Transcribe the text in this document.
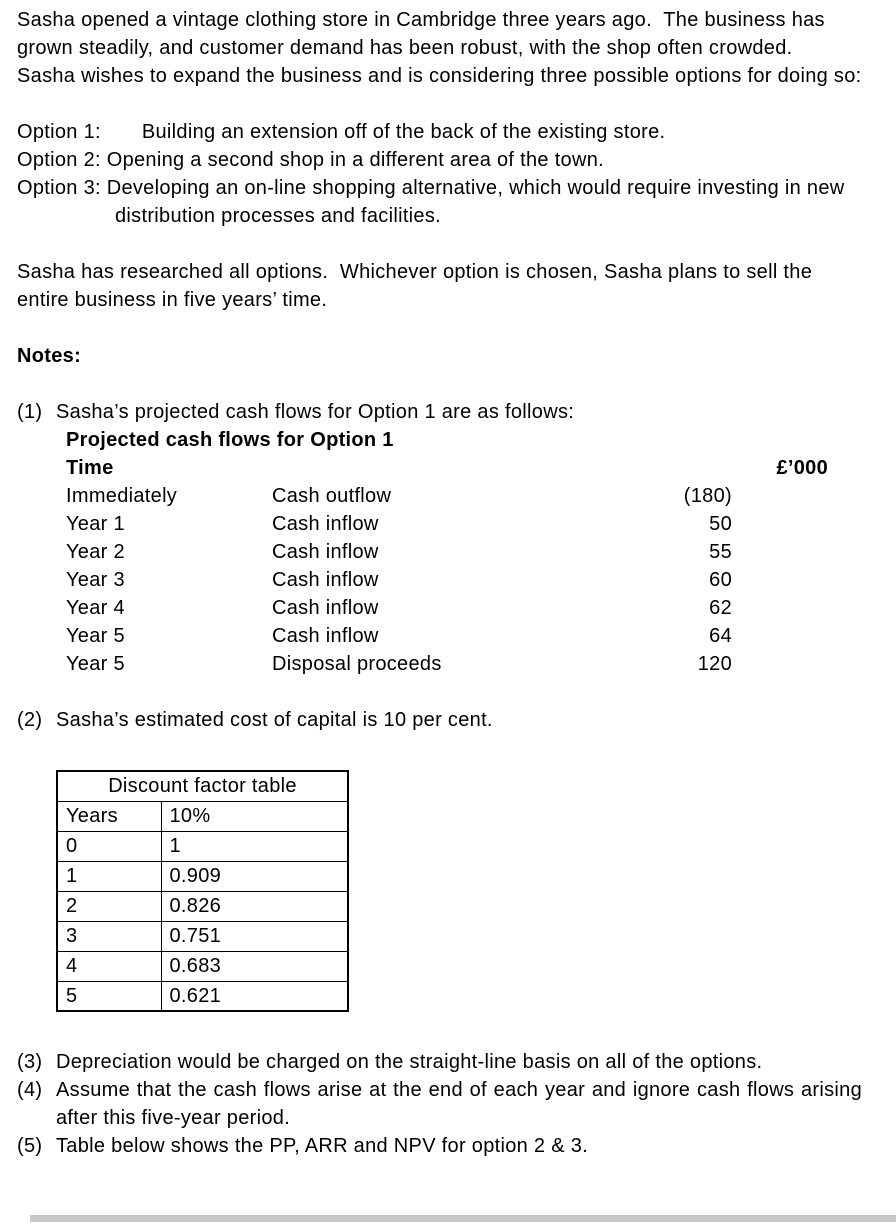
Sasha opened a vintage clothing store in Cambridge three years ago.  The business has grown steadily, and customer demand has been robust, with the shop often crowded.   Sasha wishes to expand the business and is considering three possible options for doing so:

Option 1:       Building an extension off of the back of the existing store.

Option 2: Opening a second shop in a different area of the town.

Option 3: Developing an on-line shopping alternative, which would require investing in new distribution processes and facilities.

Sasha has researched all options.  Whichever option is chosen, Sasha plans to sell the entire business in five years’ time.

Notes:

(1) Sasha’s projected cash flows for Option 1 are as follows:
Projected cash flows for Option 1
Time	£’000
Immediately	Cash outflow	(180)
Year 1	Cash inflow	50
Year 2	Cash inflow	55
Year 3	Cash inflow	60
Year 4	Cash inflow	62
Year 5	Cash inflow	64
Year 5	Disposal proceeds	120
(2) Sasha’s estimated cost of capital is 10 per cent.
Discount factor table	
Years	10%
0	1
1	0.909
2	0.826
3	0.751
4	0.683
5	0.621
(3) Depreciation would be charged on the straight-line basis on all of the options.
(4) Assume that the cash flows arise at the end of each year and ignore cash flows arising after this five-year period.
(5) Table below shows the PP, ARR and NPV for option 2 & 3.
